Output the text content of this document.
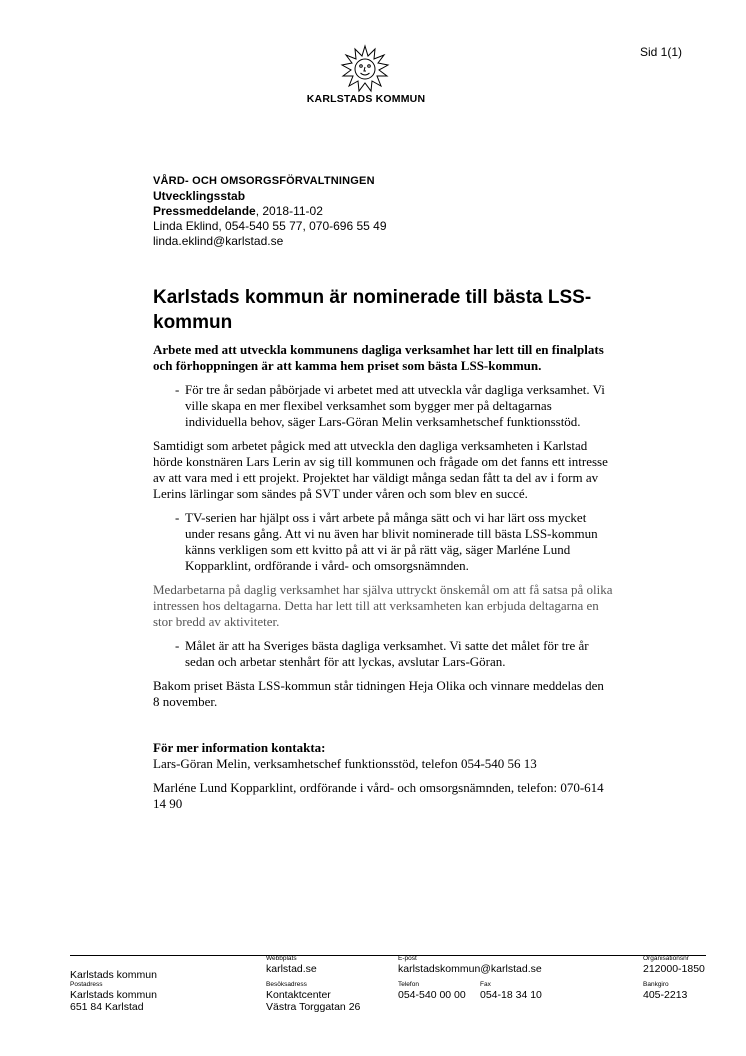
Sid 1(1)
KARLSTADS KOMMUN
VÅRD- OCH OMSORGSFÖRVALTNINGEN
Utvecklingsstab
Pressmeddelande, 2018-11-02
Linda Eklind, 054-540 55 77, 070-696 55 49
linda.eklind@karlstad.se
Karlstads kommun är nominerade till bästa LSS-kommun

Arbete med att utveckla kommunens dagliga verksamhet har lett till en finalplats och förhoppningen är att kamma hem priset som bästa LSS-kommun.

- För tre år sedan påbörjade vi arbetet med att utveckla vår dagliga verksamhet. Vi ville skapa en mer flexibel verksamhet som bygger mer på deltagarnas individuella behov, säger Lars-Göran Melin verksamhetschef funktionsstöd.

Samtidigt som arbetet pågick med att utveckla den dagliga verksamheten i Karlstad hörde konstnären Lars Lerin av sig till kommunen och frågade om det fanns ett intresse av att vara med i ett projekt. Projektet har väldigt många sedan fått ta del av i form av Lerins lärlingar som sändes på SVT under våren och som blev en succé.

- TV-serien har hjälpt oss i vårt arbete på många sätt och vi har lärt oss mycket under resans gång. Att vi nu även har blivit nominerade till bästa LSS-kommun känns verkligen som ett kvitto på att vi är på rätt väg, säger Marléne Lund Kopparklint, ordförande i vård- och omsorgsnämnden.

Medarbetarna på daglig verksamhet har själva uttryckt önskemål om att få satsa på olika intressen hos deltagarna. Detta har lett till att verksamheten kan erbjuda deltagarna en stor bredd av aktiviteter.

- Målet är att ha Sveriges bästa dagliga verksamhet. Vi satte det målet för tre år sedan och arbetar stenhårt för att lyckas, avslutar Lars-Göran.

Bakom priset Bästa LSS-kommun står tidningen Heja Olika och vinnare meddelas den 8 november.

För mer information kontakta:

Lars-Göran Melin, verksamhetschef funktionsstöd, telefon 054-540 56 13

Marléne Lund Kopparklint, ordförande i vård- och omsorgsnämnden, telefon: 070-614 14 90

Karlstads kommun
Webbplats
karlstad.se
E-post
karlstadskommun@karlstad.se
Organisationsnr
212000-1850
Postadress
Karlstads kommun
651 84 Karlstad
Besöksadress
Kontaktcenter
Västra Torggatan 26
Telefon
054-540 00 00
Fax
054-18 34 10
Bankgiro
405-2213
